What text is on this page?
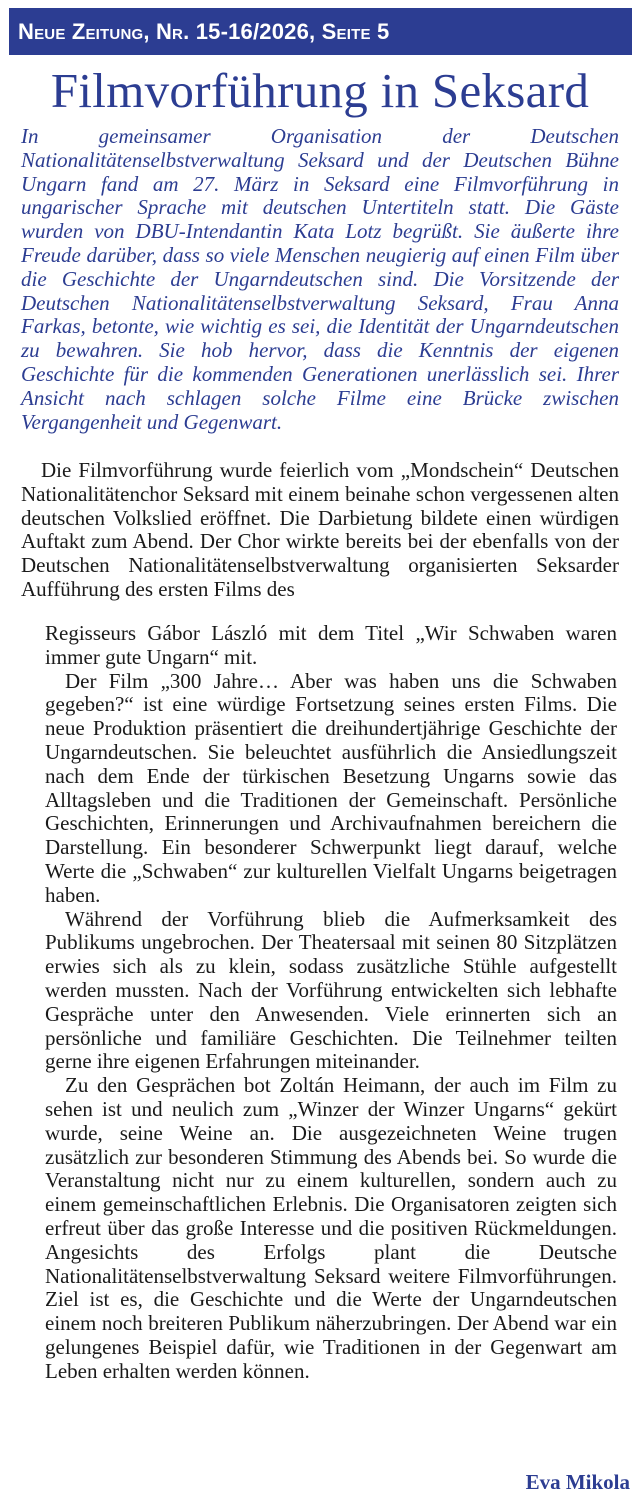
Neue Zeitung, Nr. 15-16/2026, Seite 5
Filmvorführung in Seksard

In gemeinsamer Organisation der Deutschen Nationalitätenselbstverwaltung Seksard und der Deutschen Bühne Ungarn fand am 27. März in Seksard eine Filmvorführung in ungarischer Sprache mit deutschen Untertiteln statt. Die Gäste wurden von DBU-Intendantin Kata Lotz begrüßt. Sie äußerte ihre Freude darüber, dass so viele Menschen neugierig auf einen Film über die Geschichte der Ungarndeutschen sind. Die Vorsitzende der Deutschen Nationalitätenselbstverwaltung Seksard, Frau Anna Farkas, betonte, wie wichtig es sei, die Identität der Ungarndeutschen zu bewahren. Sie hob hervor, dass die Kenntnis der eigenen Geschichte für die kommenden Generationen unerlässlich sei. Ihrer Ansicht nach schlagen solche Filme eine Brücke zwischen Vergangenheit und Gegenwart.

Die Filmvorführung wurde feierlich vom „Mondschein“ Deutschen Nationalitätenchor Seksard mit einem beinahe schon vergessenen alten deutschen Volkslied eröffnet. Die Darbietung bildete einen würdigen Auftakt zum Abend. Der Chor wirkte bereits bei der ebenfalls von der Deutschen Nationalitätenselbstverwaltung organisierten Seksarder Aufführung des ersten Films des

Regisseurs Gábor László mit dem Titel „Wir Schwaben waren immer gute Ungarn“ mit.

Der Film „300 Jahre… Aber was haben uns die Schwaben gegeben?“ ist eine würdige Fortsetzung seines ersten Films. Die neue Produktion präsentiert die dreihundertjährige Geschichte der Ungarndeutschen. Sie beleuchtet ausführlich die Ansiedlungszeit nach dem Ende der türkischen Besetzung Ungarns sowie das Alltagsleben und die Traditionen der Gemeinschaft. Persönliche Geschichten, Erinnerungen und Archivaufnahmen bereichern die Darstellung. Ein besonderer Schwerpunkt liegt darauf, welche Werte die „Schwaben“ zur kulturellen Vielfalt Ungarns beigetragen haben.

Während der Vorführung blieb die Aufmerksamkeit des Publikums ungebrochen. Der Theatersaal mit seinen 80 Sitzplätzen erwies sich als zu klein, sodass zusätzliche Stühle aufgestellt werden mussten. Nach der Vorführung entwickelten sich lebhafte Gespräche unter den Anwesenden. Viele erinnerten sich an persönliche und familiäre Geschichten. Die Teilnehmer teilten gerne ihre eigenen Erfahrungen miteinander.

Zu den Gesprächen bot Zoltán Heimann, der auch im Film zu sehen ist und neulich zum „Winzer der Winzer Ungarns“ gekürt wurde, seine Weine an. Die ausgezeichneten Weine trugen zusätzlich zur besonderen Stimmung des Abends bei. So wurde die Veranstaltung nicht nur zu einem kulturellen, sondern auch zu einem gemeinschaftlichen Erlebnis. Die Organisatoren zeigten sich erfreut über das große Interesse und die positiven Rückmeldungen. Angesichts des Erfolgs plant die Deutsche Nationalitätenselbstverwaltung Seksard weitere Filmvorführungen. Ziel ist es, die Geschichte und die Werte der Ungarndeutschen einem noch breiteren Publikum näherzubringen. Der Abend war ein gelungenes Beispiel dafür, wie Traditionen in der Gegenwart am Leben erhalten werden können.

Eva Mikola
